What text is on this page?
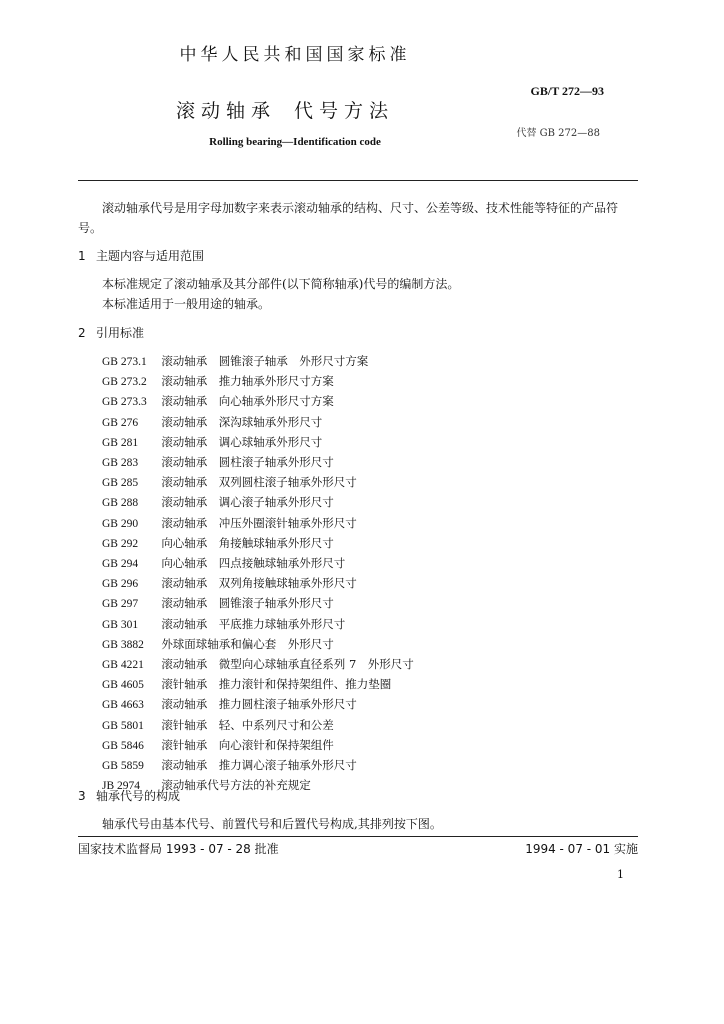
中华人民共和国国家标准
GB/T 272—93
滚动轴承 代号方法
代替 GB 272—88
Rolling bearing—Identification code

滚动轴承代号是用字母加数字来表示滚动轴承的结构、尺寸、公差等级、技术性能等特征的产品符号。

1 主题内容与适用范围

本标准规定了滚动轴承及其分部件(以下简称轴承)代号的编制方法。

本标准适用于一般用途的轴承。

2 引用标准
GB 273.1 滚动轴承　圆锥滚子轴承　外形尺寸方案
GB 273.2 滚动轴承　推力轴承外形尺寸方案
GB 273.3 滚动轴承　向心轴承外形尺寸方案
GB 276 滚动轴承　深沟球轴承外形尺寸
GB 281 滚动轴承　调心球轴承外形尺寸
GB 283 滚动轴承　圆柱滚子轴承外形尺寸
GB 285 滚动轴承　双列圆柱滚子轴承外形尺寸
GB 288 滚动轴承　调心滚子轴承外形尺寸
GB 290 滚动轴承　冲压外圈滚针轴承外形尺寸
GB 292 向心轴承　角接触球轴承外形尺寸
GB 294 向心轴承　四点接触球轴承外形尺寸
GB 296 滚动轴承　双列角接触球轴承外形尺寸
GB 297 滚动轴承　圆锥滚子轴承外形尺寸
GB 301 滚动轴承　平底推力球轴承外形尺寸
GB 3882 外球面球轴承和偏心套　外形尺寸
GB 4221 滚动轴承　微型向心球轴承直径系列 7　外形尺寸
GB 4605 滚针轴承　推力滚针和保持架组件、推力垫圈
GB 4663 滚动轴承　推力圆柱滚子轴承外形尺寸
GB 5801 滚针轴承　轻、中系列尺寸和公差
GB 5846 滚针轴承　向心滚针和保持架组件
GB 5859 滚动轴承　推力调心滚子轴承外形尺寸
JB 2974 滚动轴承代号方法的补充规定
3 轴承代号的构成

轴承代号由基本代号、前置代号和后置代号构成,其排列按下图。

国家技术监督局 1993 - 07 - 28 批准	1994 - 07 - 01 实施
1
